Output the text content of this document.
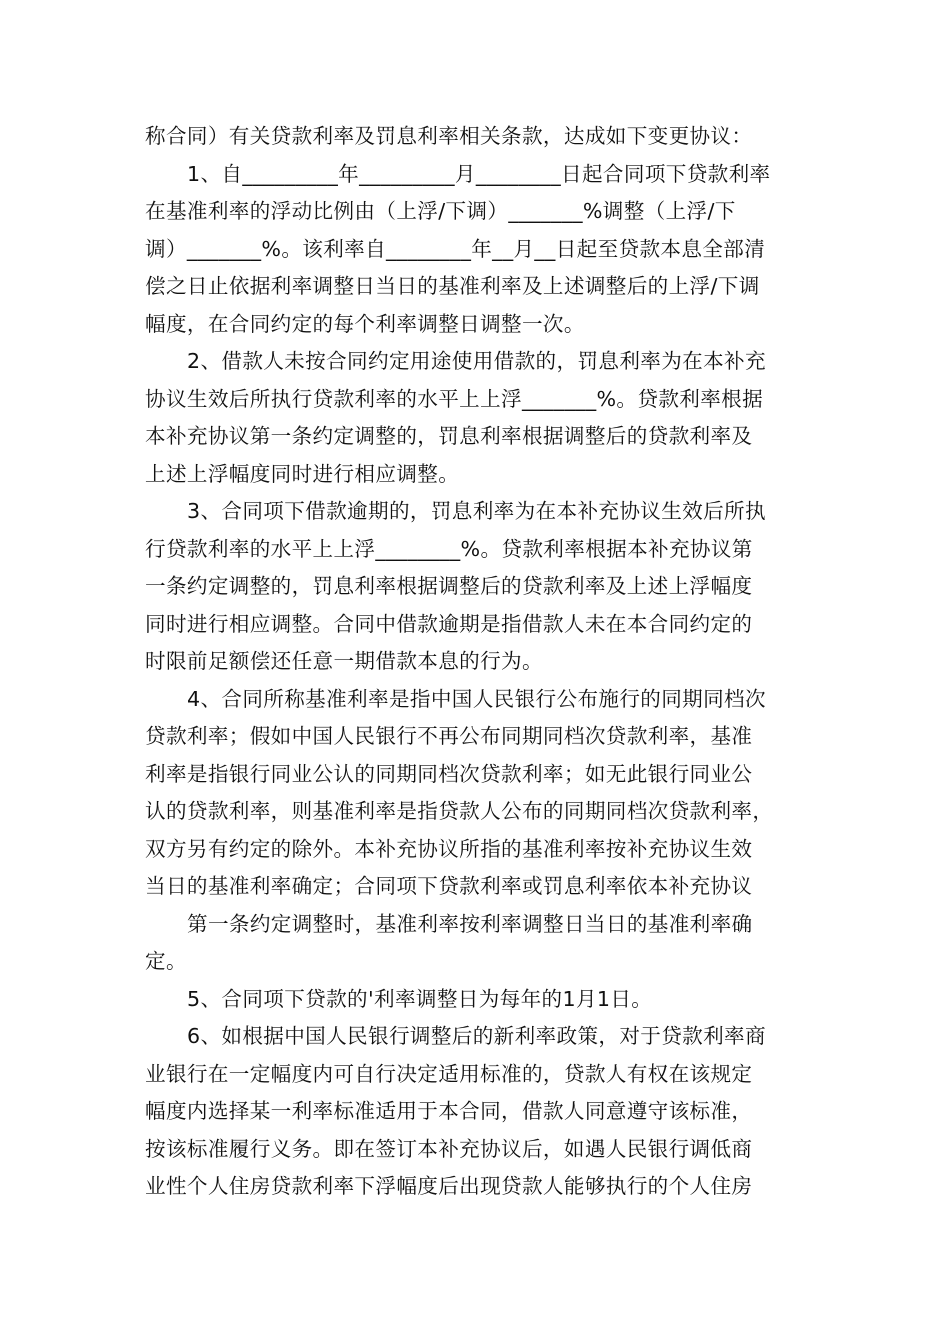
称合同）有关贷款利率及罚息利率相关条款，达成如下变更协议：
1、自_________年_________月________日起合同项下贷款利率
在基准利率的浮动比例由（上浮/下调）_______%调整（上浮/下
调）_______%。该利率自________年__月__日起至贷款本息全部清
偿之日止依据利率调整日当日的基准利率及上述调整后的上浮/下调
幅度，在合同约定的每个利率调整日调整一次。
2、借款人未按合同约定用途使用借款的，罚息利率为在本补充
协议生效后所执行贷款利率的水平上上浮_______%。贷款利率根据
本补充协议第一条约定调整的，罚息利率根据调整后的贷款利率及
上述上浮幅度同时进行相应调整。
3、合同项下借款逾期的，罚息利率为在本补充协议生效后所执
行贷款利率的水平上上浮________%。贷款利率根据本补充协议第
一条约定调整的，罚息利率根据调整后的贷款利率及上述上浮幅度
同时进行相应调整。合同中借款逾期是指借款人未在本合同约定的
时限前足额偿还任意一期借款本息的行为。
4、合同所称基准利率是指中国人民银行公布施行的同期同档次
贷款利率；假如中国人民银行不再公布同期同档次贷款利率，基准
利率是指银行同业公认的同期同档次贷款利率；如无此银行同业公
认的贷款利率，则基准利率是指贷款人公布的同期同档次贷款利率，
双方另有约定的除外。本补充协议所指的基准利率按补充协议生效
当日的基准利率确定；合同项下贷款利率或罚息利率依本补充协议
第一条约定调整时，基准利率按利率调整日当日的基准利率确
定。
5、合同项下贷款的'利率调整日为每年的1月1日。
6、如根据中国人民银行调整后的新利率政策，对于贷款利率商
业银行在一定幅度内可自行决定适用标准的，贷款人有权在该规定
幅度内选择某一利率标准适用于本合同，借款人同意遵守该标准，
按该标准履行义务。即在签订本补充协议后，如遇人民银行调低商
业性个人住房贷款利率下浮幅度后出现贷款人能够执行的个人住房
